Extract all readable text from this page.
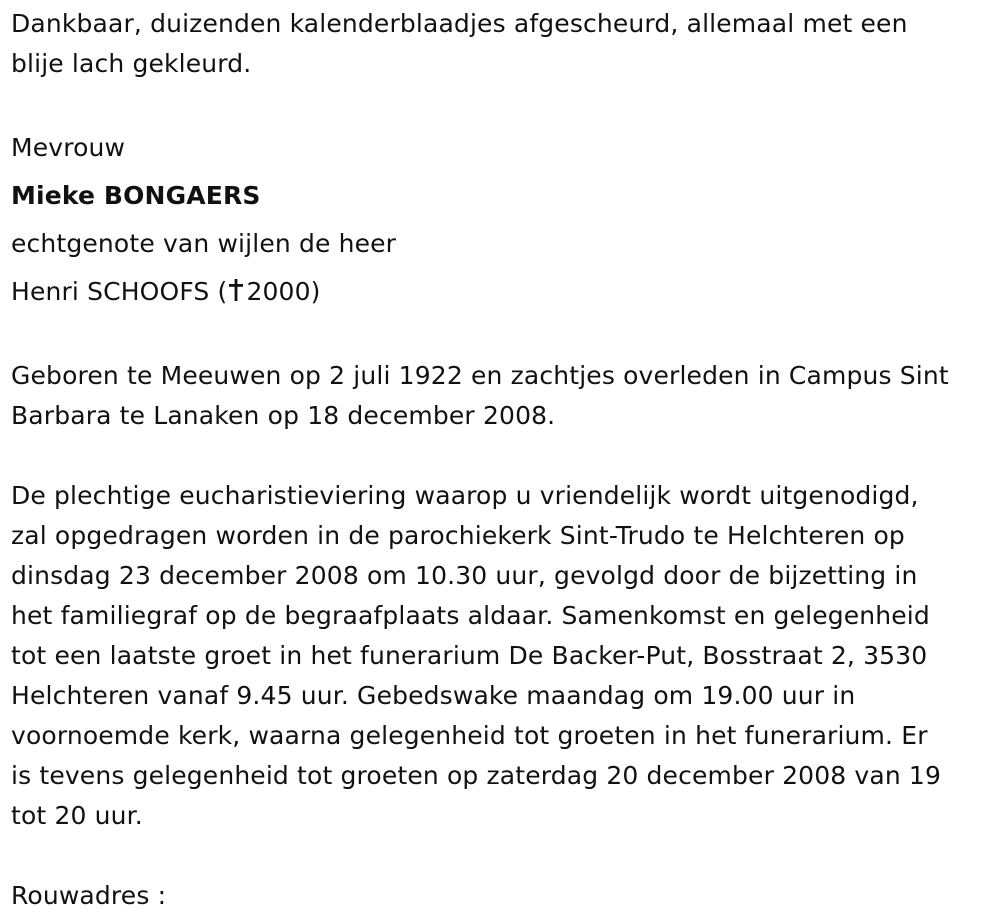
Dankbaar, duizenden kalenderblaadjes afgescheurd, allemaal met een

blije lach gekleurd.

Mevrouw

Mieke BONGAERS

echtgenote van wijlen de heer

Henri SCHOOFS ( 2000)

Geboren te Meeuwen op 2 juli 1922 en zachtjes overleden in Campus Sint

Barbara te Lanaken op 18 december 2008.

De plechtige eucharistieviering waarop u vriendelijk wordt uitgenodigd,

zal opgedragen worden in de parochiekerk Sint-Trudo te Helchteren op

dinsdag 23 december 2008 om 10.30 uur, gevolgd door de bijzetting in

het familiegraf op de begraafplaats aldaar. Samenkomst en gelegenheid

tot een laatste groet in het funerarium De Backer-Put, Bosstraat 2, 3530

Helchteren vanaf 9.45 uur. Gebedswake maandag om 19.00 uur in

voornoemde kerk, waarna gelegenheid tot groeten in het funerarium. Er

is tevens gelegenheid tot groeten op zaterdag 20 december 2008 van 19

tot 20 uur.

Rouwadres :
